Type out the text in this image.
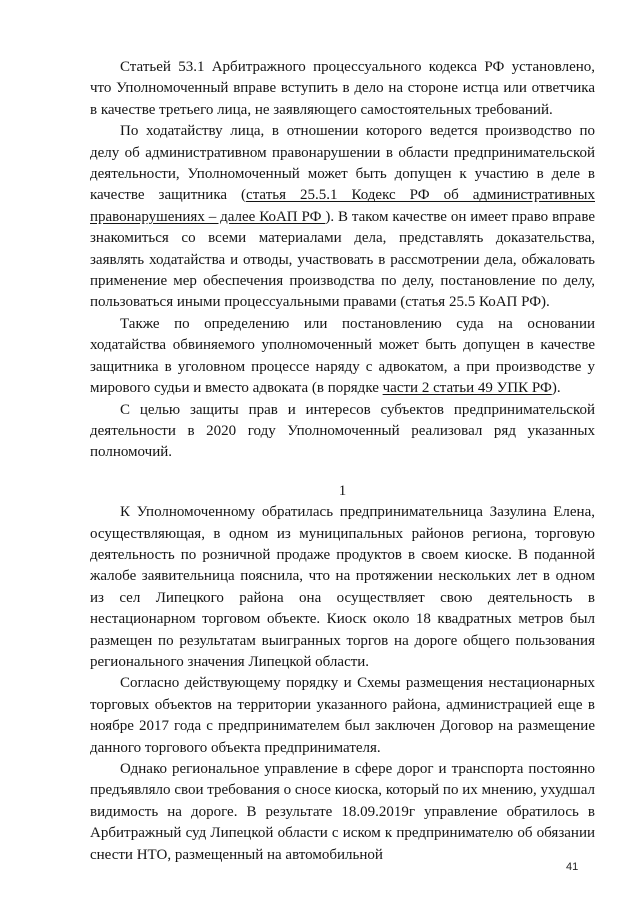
Статьей 53.1 Арбитражного процессуального кодекса РФ установлено, что Уполномоченный вправе вступить в дело на стороне истца или ответчика в качестве третьего лица, не заявляющего самостоятельных требований.

По ходатайству лица, в отношении которого ведется производство по делу об административном правонарушении в области предпринимательской деятельности, Уполномоченный может быть допущен к участию в деле в качестве защитника (статья 25.5.1 Кодекс РФ об административных правонарушениях – далее КоАП РФ ). В таком качестве он имеет право вправе знакомиться со всеми материалами дела, представлять доказательства, заявлять ходатайства и отводы, участвовать в рассмотрении дела, обжаловать применение мер обеспечения производства по делу, постановление по делу, пользоваться иными процессуальными правами (статья 25.5 КоАП РФ).

Также по определению или постановлению суда на основании ходатайства обвиняемого уполномоченный может быть допущен в качестве защитника в уголовном процессе наряду с адвокатом, а при производстве у мирового судьи и вместо адвоката (в порядке части 2 статьи 49 УПК РФ).

С целью защиты прав и интересов субъектов предпринимательской деятельности в 2020 году Уполномоченный реализовал ряд указанных полномочий.

1

К Уполномоченному обратилась предпринимательница Зазулина Елена, осуществляющая, в одном из муниципальных районов региона, торговую деятельность по розничной продаже продуктов в своем киоске. В поданной жалобе заявительница пояснила, что на протяжении нескольких лет в одном из сел Липецкого района она осуществляет свою деятельность в нестационарном торговом объекте. Киоск около 18 квадратных метров был размещен по результатам выигранных торгов на дороге общего пользования регионального значения Липецкой области.

Согласно действующему порядку и Схемы размещения нестационарных торговых объектов на территории указанного района, администрацией еще в ноябре 2017 года с предпринимателем был заключен Договор на размещение данного торгового объекта предпринимателя.

Однако региональное управление в сфере дорог и транспорта постоянно предъявляло свои требования о сносе киоска, который по их мнению, ухудшал видимость на дороге. В результате 18.09.2019г управление обратилось в Арбитражный суд Липецкой области с иском к предпринимателю об обязании снести НТО, размещенный на автомобильной

41
